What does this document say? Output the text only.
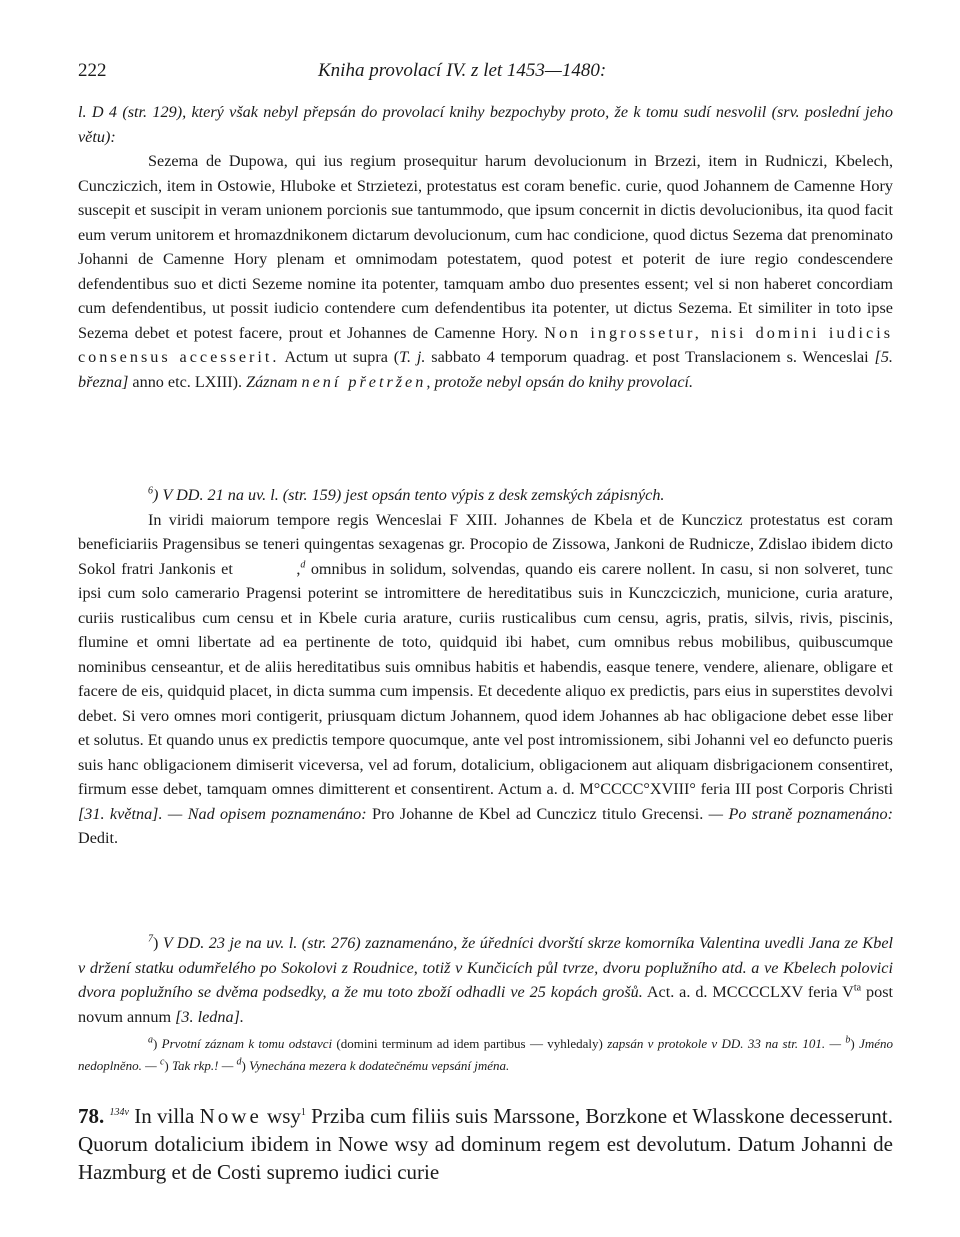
222	Kniha provolací IV. z let 1453—1480:

l. D 4 (str. 129), který však nebyl přepsán do provolací knihy bezpochyby proto, že k tomu sudí nesvolil (srv. poslední jeho větu):

Sezema de Dupowa, qui ius regium prosequitur harum devolucionum in Brzezi, item in Rudniczi, Kbelech, Cuncziczich, item in Ostowie, Hluboke et Strzietezi, protestatus est coram benefic. curie, quod Johannem de Camenne Hory suscepit et suscipit in veram unionem porcionis sue tantummodo, que ipsum concernit in dictis devolucionibus, ita quod facit eum verum unitorem et hromazdnikonem dictarum devolucionum, cum hac condicione, quod dictus Sezema dat prenominato Johanni de Camenne Hory plenam et omnimodam potestatem, quod potest et poterit de iure regio condescendere defendentibus suo et dicti Sezeme nomine ita potenter, tamquam ambo duo presentes essent; vel si non haberet concordiam cum defendentibus, ut possit iudicio contendere cum defendentibus ita potenter, ut dictus Sezema. Et similiter in toto ipse Sezema debet et potest facere, prout et Johannes de Camenne Hory. Non ingrossetur, nisi domini iudicis consensus accesserit. Actum ut supra (T. j. sabbato 4 temporum quadrag. et post Translacionem s. Wenceslai [5. března] anno etc. LXIII). Záznam není přetržen, protože nebyl opsán do knihy provolací.

$^6$) V DD. 21 na uv. l. (str. 159) jest opsán tento výpis z desk zemských zápisných.

In viridi maiorum tempore regis Wenceslai F XIII. Johannes de Kbela et de Kunczicz protestatus est coram beneficiariis Pragensibus se teneri quingentas sexagenas gr. Procopio de Zissowa, Jankoni de Rudnicze, Zdislao ibidem dicto Sokol fratri Jankonis et	,$^d$ omnibus in solidum, solvendas, quando eis carere nollent. In casu, si non solveret, tunc ipsi cum solo camerario Pragensi poterint se intromittere de hereditatibus suis in Kunczciczich, municione, curia arature, curiis rusticalibus cum censu et in Kbele curia arature, curiis rusticalibus cum censu, agris, pratis, silvis, rivis, piscinis, flumine et omni libertate ad ea pertinente de toto, quidquid ibi habet, cum omnibus rebus mobilibus, quibuscumque nominibus censeantur, et de aliis hereditatibus suis omnibus habitis et habendis, easque tenere, vendere, alienare, obligare et facere de eis, quidquid placet, in dicta summa cum impensis. Et decedente aliquo ex predictis, pars eius in superstites devolvi debet. Si vero omnes mori contigerit, priusquam dictum Johannem, quod idem Johannes ab hac obligacione debet esse liber et solutus. Et quando unus ex predictis tempore quocumque, ante vel post intromissionem, sibi Johanni vel eo defuncto pueris suis hanc obligacionem dimiserit viceversa, vel ad forum, dotalicium, obligacionem aut aliquam disbrigacionem consentiret, firmum esse debet, tamquam omnes dimitterent et consentirent. Actum a. d. M°CCCC°XVIII° feria III post Corporis Christi [31. května]. — Nad opisem poznamenáno: Pro Johanne de Kbel ad Cunczicz titulo Grecensi. — Po straně poznamenáno: Dedit.

$^7$) V DD. 23 je na uv. l. (str. 276) zaznamenáno, že úředníci dvorští skrze komorníka Valentina uvedli Jana ze Kbel v držení statku odumřelého po Sokolovi z Roudnice, totiž v Kunčicích půl tvrze, dvoru poplužního atd. a ve Kbelech polovici dvora poplužního se dvěma podsedky, a že mu toto zboží odhadli ve 25 kopách grošů. Act. a. d. MCCCCLXV feria $V^{ta}$ post novum annum [3. ledna].

$^a$) Prvotní záznam k tomu odstavci (domini terminum ad idem partibus — vyhledaly) zapsán v protokole v DD. 33 na str. 101. — $^b$) Jméno nedoplněno. — $^c$) Tak rkp.! — $^d$) Vynechána mezera k dodatečnému vepsání jména.

78. $^{134v}$ In villa Nowe wsy$^1$ Prziba cum filiis suis Marssone, Borzkone et Wlasskone decesserunt. Quorum dotalicium ibidem in Nowe wsy ad dominum regem est devolutum. Datum Johanni de Hazmburg et de Costi supremo iudici curie
